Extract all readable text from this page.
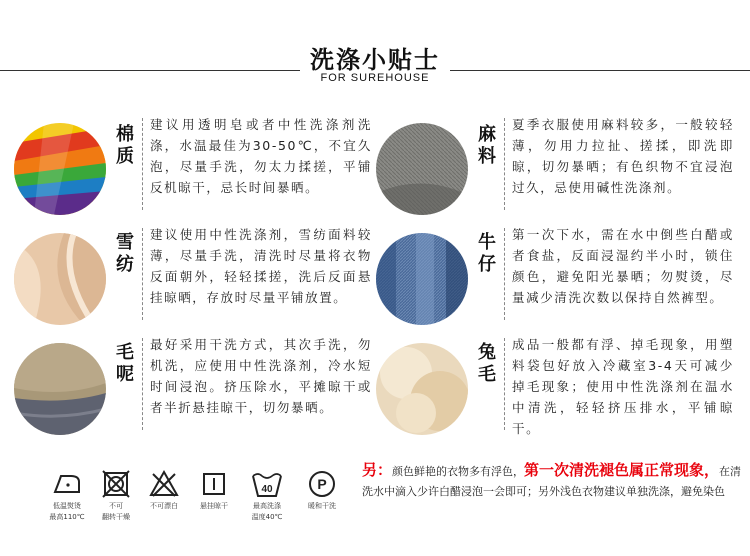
洗涤小贴士
FOR SUREHOUSE
棉质
建议用透明皂或者中性洗涤剂洗涤，水温最佳为30-50℃，不宜久泡，尽量手洗，勿太力揉搓，平铺反机晾干，忌长时间暴晒。
麻料
夏季衣服使用麻料较多，一般较轻薄，勿用力拉扯、搓揉，即洗即晾，切勿暴晒；有色织物不宜浸泡过久，忌使用碱性洗涤剂。
雪纺
建议使用中性洗涤剂，雪纺面料较薄，尽量手洗，清洗时尽量将衣物反面朝外，轻轻揉搓，洗后反面悬挂晾晒，存放时尽量平铺放置。
牛仔
第一次下水，需在水中倒些白醋或者食盐，反面浸湿约半小时，锁住颜色，避免阳光暴晒；勿熨烫，尽量减少清洗次数以保持自然裤型。
毛呢
最好采用干洗方式，其次手洗，勿机洗，应使用中性洗涤剂，冷水短时间浸泡。挤压除水，平摊晾干或者半折悬挂晾干，切勿暴晒。
兔毛
成品一般都有浮、掉毛现象，用塑料袋包好放入冷藏室3-4天可减少掉毛现象；使用中性洗涤剂在温水中清洗，轻轻挤压排水，平铺晾干。
低温熨烫
最高110℃
不可
翻转干燥
不可漂白	悬挂晾干
40
最高洗涤
温度40℃
P
暖和干洗
另：颜色鲜艳的衣物多有浮色，第一次清洗褪色属正常现象，在清洗水中滴入少许白醋浸泡一会即可；另外浅色衣物建议单独洗涤，避免染色
